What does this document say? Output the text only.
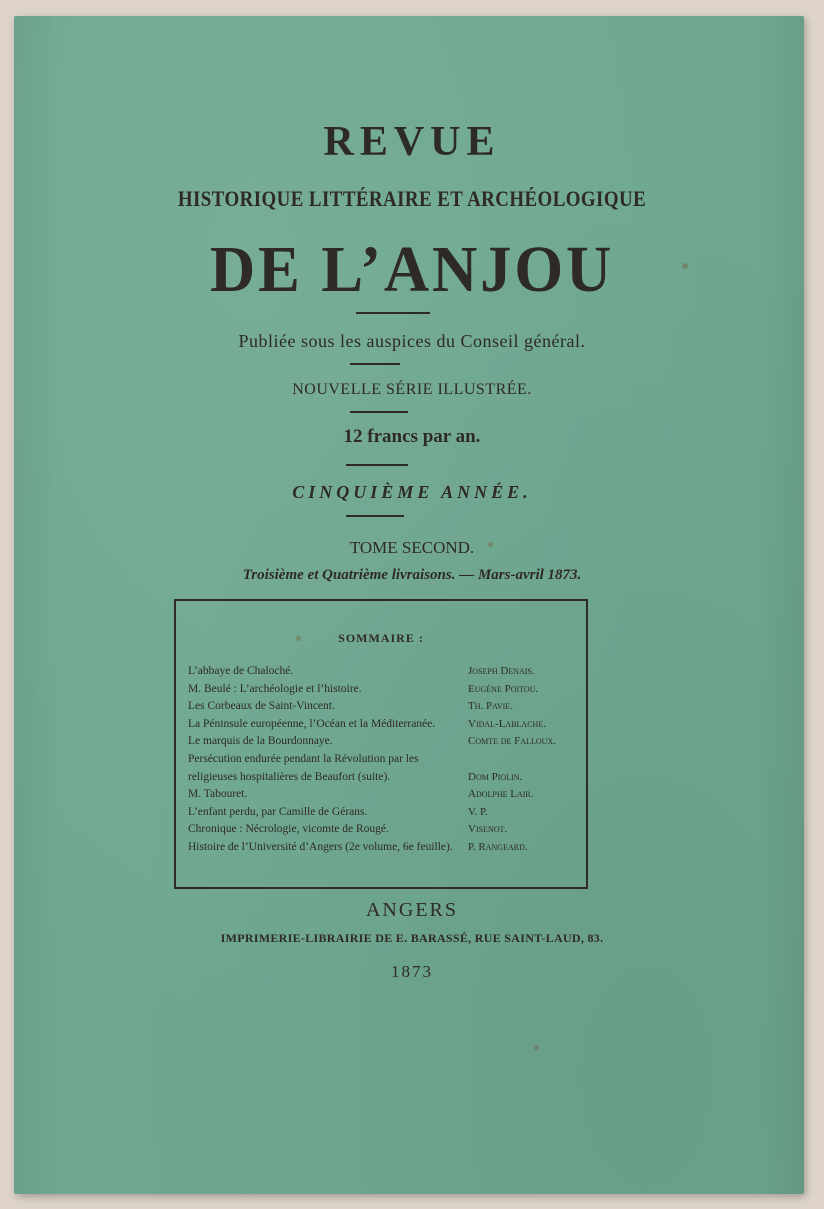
REVUE
HISTORIQUE LITTÉRAIRE ET ARCHÉOLOGIQUE
DE L’ANJOU
Publiée sous les auspices du Conseil général.
NOUVELLE SÉRIE ILLUSTRÉE.
12 francs par an.
CINQUIÈME ANNÉE.
TOME SECOND.
Troisième et Quatrième livraisons. — Mars-avril 1873.
SOMMAIRE :
L’abbaye de Chaloché.	Joseph Denais.
M. Beulé : L’archéologie et l’histoire.	Eugène Poitou.
Les Corbeaux de Saint-Vincent.	Th. Pavie.
La Péninsule européenne, l’Océan et la Méditerranée.	Vidal-Lablache.
Le marquis de la Bourdonnaye.	Comte de Falloux.
Persécution endurée pendant la Révolution par les religieuses hospitalières de Beaufort (suite).	Dom Piolin.
M. Tabouret.	Adolphe Lair.
L’enfant perdu, par Camille de Gérans.	V. P.
Chronique : Nécrologie, vicomte de Rougé.	Visenot.
Histoire de l’Université d’Angers (2e volume, 6e feuille).	P. Rangeard.
ANGERS
IMPRIMERIE-LIBRAIRIE DE E. BARASSÉ, RUE SAINT-LAUD, 83.
1873
